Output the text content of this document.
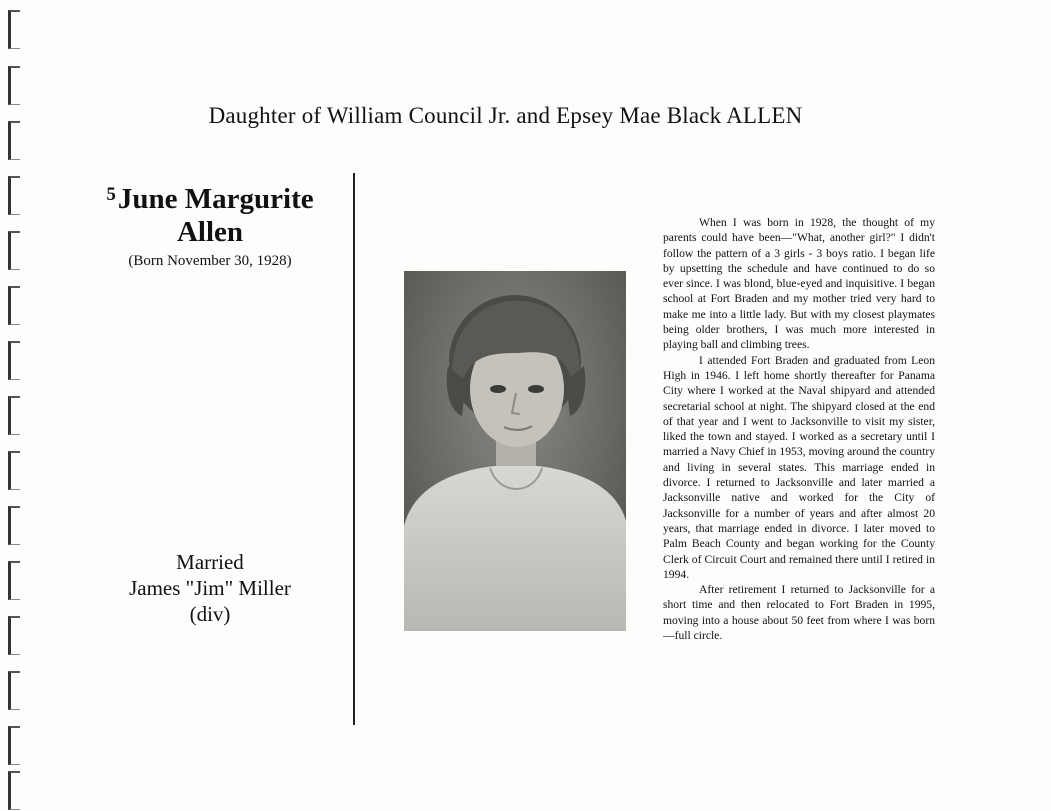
Daughter of William Council Jr. and Epsey Mae Black ALLEN
$^5$June Margurite
Allen
(Born November 30, 1928)
Married
James "Jim" Miller
(div)

When I was born in 1928, the thought of my parents could have been—"What, another girl?" I didn't follow the pattern of a 3 girls - 3 boys ratio. I began life by upsetting the schedule and have continued to do so ever since. I was blond, blue-eyed and inquisitive. I began school at Fort Braden and my mother tried very hard to make me into a little lady. But with my closest playmates being older brothers, I was much more interested in playing ball and climbing trees.

I attended Fort Braden and graduated from Leon High in 1946. I left home shortly thereafter for Panama City where I worked at the Naval shipyard and attended secretarial school at night. The shipyard closed at the end of that year and I went to Jacksonville to visit my sister, liked the town and stayed. I worked as a secretary until I married a Navy Chief in 1953, moving around the country and living in several states. This marriage ended in divorce. I returned to Jacksonville and later married a Jacksonville native and worked for the City of Jacksonville for a number of years and after almost 20 years, that marriage ended in divorce. I later moved to Palm Beach County and began working for the County Clerk of Circuit Court and remained there until I retired in 1994.

After retirement I returned to Jacksonville for a short time and then relocated to Fort Braden in 1995, moving into a house about 50 feet from where I was born—full circle.
